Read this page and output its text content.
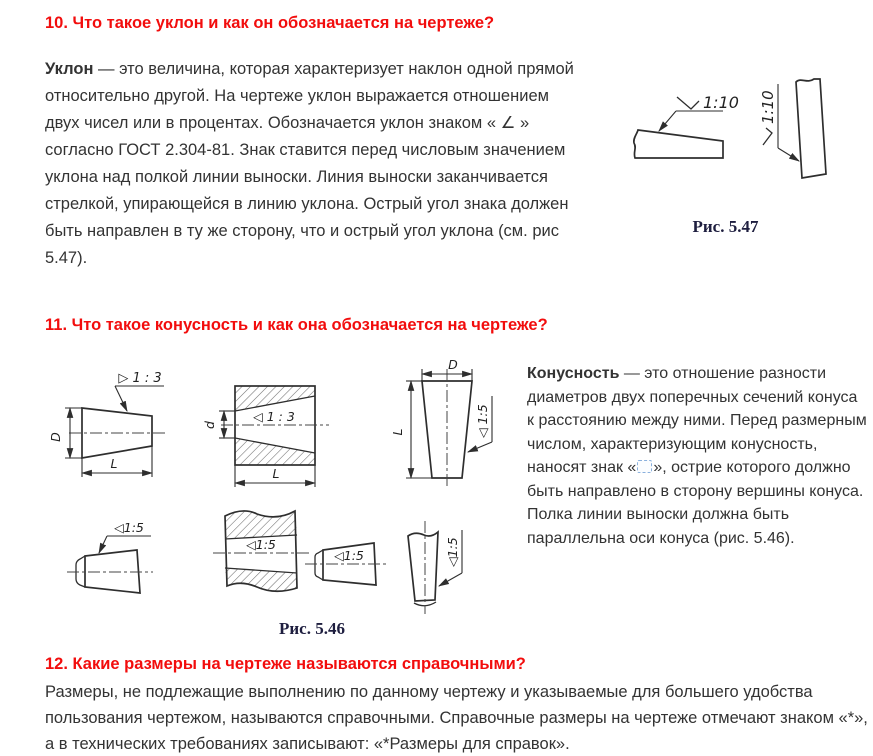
10. Что такое уклон и как он обозначается на чертеже?

Уклон — это величина, которая характеризует наклон одной прямой относительно другой. На чертеже уклон выражается отношением двух чисел или в процентах. Обозначается уклон знаком « ∠ » согласно ГОСТ 2.304-81. Знак ставится перед числовым значением уклона над полкой линии выноски. Линия выноски заканчивается стрелкой, упирающейся в линию уклона. Острый угол знака должен быть направлен в ту же сторону, что и острый угол уклона (см. рис 5.47).

1:10 1:10
Рис. 5.47
11. Что такое конусность и как она обозначается на чертеже?
D
L
▷ 1 : 3
◁ 1 : 3
d
L
D
L	◁ 1:5
◁1:5
◁1:5
◁1:5	◁1:5
Рис. 5.46

Конусность — это отношение разности диаметров двух поперечных сечений конуса к расстоянию между ними. Перед размерным числом, характеризующим конусность, наносят знак « », острие которого должно быть направлено в сторону вершины конуса. Полка линии выноски должна быть параллельна оси конуса (рис. 5.46).

12. Какие размеры на чертеже называются справочными?

Размеры, не подлежащие выполнению по данному чертежу и указываемые для большего удобства пользования чертежом, называются справочными. Справочные размеры на чертеже отмечают знаком «*», а в технических требованиях записывают: «*Размеры для справок».
